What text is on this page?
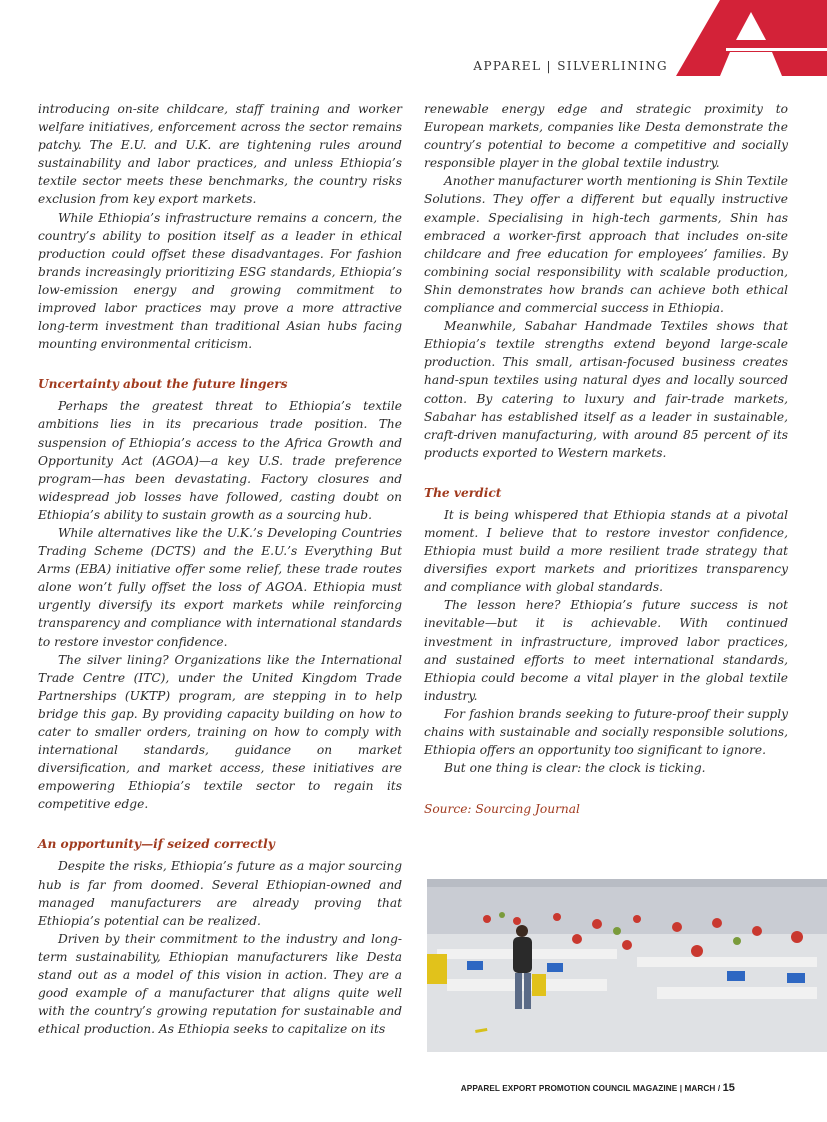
APPAREL | SILVERLINING

introducing on-site childcare, staff training and worker welfare initiatives, enforcement across the sector remains patchy. The E.U. and U.K. are tightening rules around sustainability and labor practices, and unless Ethiopia’s textile sector meets these benchmarks, the country risks exclusion from key export markets.

While Ethiopia’s infrastructure remains a concern, the country’s ability to position itself as a leader in ethical production could offset these disadvantages. For fashion brands increasingly prioritizing ESG standards, Ethiopia’s low-emission energy and growing commitment to improved labor practices may prove a more attractive long-term investment than traditional Asian hubs facing mounting environmental criticism.

Uncertainty about the future lingers

Perhaps the greatest threat to Ethiopia’s textile ambitions lies in its precarious trade position. The suspension of Ethiopia’s access to the Africa Growth and Opportunity Act (AGOA)—a key U.S. trade preference program—has been devastating. Factory closures and widespread job losses have followed, casting doubt on Ethiopia’s ability to sustain growth as a sourcing hub.

While alternatives like the U.K.’s Developing Countries Trading Scheme (DCTS) and the E.U.’s Everything But Arms (EBA) initiative offer some relief, these trade routes alone won’t fully offset the loss of AGOA. Ethiopia must urgently diversify its export markets while reinforcing transparency and compliance with international standards to restore investor confidence.

The silver lining? Organizations like the International Trade Centre (ITC), under the United Kingdom Trade Partnerships (UKTP) program, are stepping in to help bridge this gap. By providing capacity building on how to cater to smaller orders, training on how to comply with international standards, guidance on market diversification, and market access, these initiatives are empowering Ethiopia’s textile sector to regain its competitive edge.

An opportunity—if seized correctly

Despite the risks, Ethiopia’s future as a major sourcing hub is far from doomed. Several Ethiopian-owned and managed manufacturers are already proving that Ethiopia’s potential can be realized.

Driven by their commitment to the industry and long-term sustainability, Ethiopian manufacturers like Desta stand out as a model of this vision in action. They are a good example of a manufacturer that aligns quite well with the country’s growing reputation for sustainable and ethical production. As Ethiopia seeks to capitalize on its

renewable energy edge and strategic proximity to European markets, companies like Desta demonstrate the country’s potential to become a competitive and socially responsible player in the global textile industry.

Another manufacturer worth mentioning is Shin Textile Solutions. They offer a different but equally instructive example. Specialising in high-tech garments, Shin has embraced a worker-first approach that includes on-site childcare and free education for employees’ families. By combining social responsibility with scalable production, Shin demonstrates how brands can achieve both ethical compliance and commercial success in Ethiopia.

Meanwhile, Sabahar Handmade Textiles shows that Ethiopia’s textile strengths extend beyond large-scale production. This small, artisan-focused business creates hand-spun textiles using natural dyes and locally sourced cotton. By catering to luxury and fair-trade markets, Sabahar has established itself as a leader in sustainable, craft-driven manufacturing, with around 85 percent of its products exported to Western markets.

The verdict

It is being whispered that Ethiopia stands at a pivotal moment. I believe that to restore investor confidence, Ethiopia must build a more resilient trade strategy that diversifies export markets and prioritizes transparency and compliance with global standards.

The lesson here? Ethiopia’s future success is not inevitable—but it is achievable. With continued investment in infrastructure, improved labor practices, and sustained efforts to meet international standards, Ethiopia could become a vital player in the global textile industry.

For fashion brands seeking to future-proof their supply chains with sustainable and socially responsible solutions, Ethiopia offers an opportunity too significant to ignore.

But one thing is clear: the clock is ticking.

Source: Sourcing Journal

APPAREL EXPORT PROMOTION COUNCIL MAGAZINE | MARCH / 15
